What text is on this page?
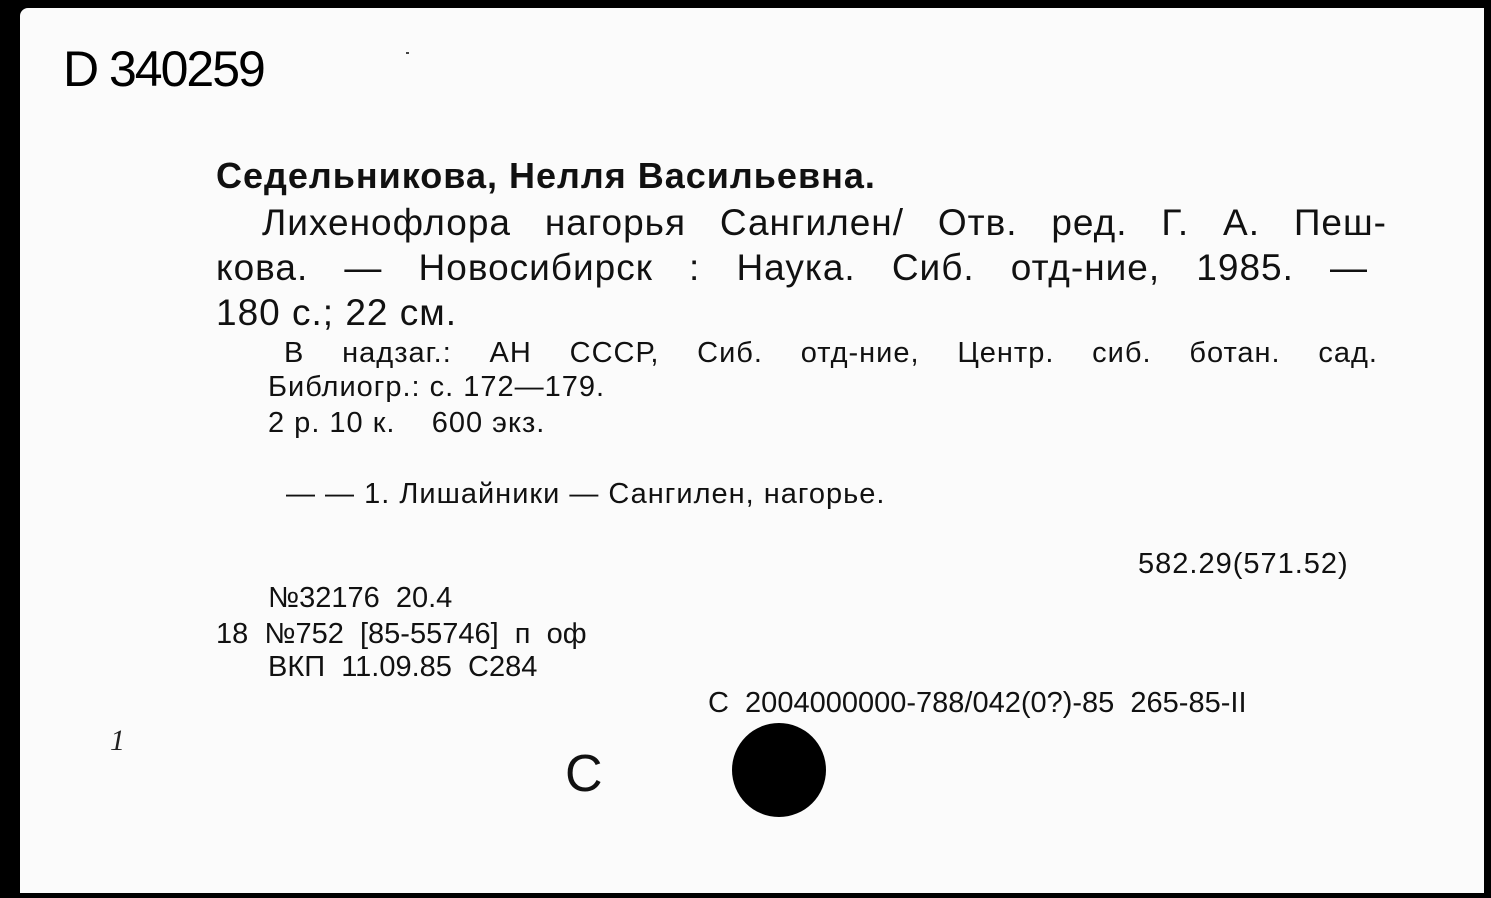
D 340259
Седельникова, Нелля Васильевна.
Лихенофлора нагорья Сангилен/ Отв. ред. Г. А. Пеш-
кова. — Новосибирск : Наука. Сиб. отд-ние, 1985. —
180 с.; 22 см.
В надзаг.: АН СССР, Сиб. отд-ние, Центр. сиб. ботан. сад.
Библиогр.: с. 172—179.
2 р. 10 к.    600 экз.
— — 1. Лишайники — Сангилен, нагорье.
582.29(571.52)
№32176  20.4
18  №752  [85-55746]  п  оф
ВКП  11.09.85  С284
С  2004000000-788/042(0?)-85  265-85-II
1
С
